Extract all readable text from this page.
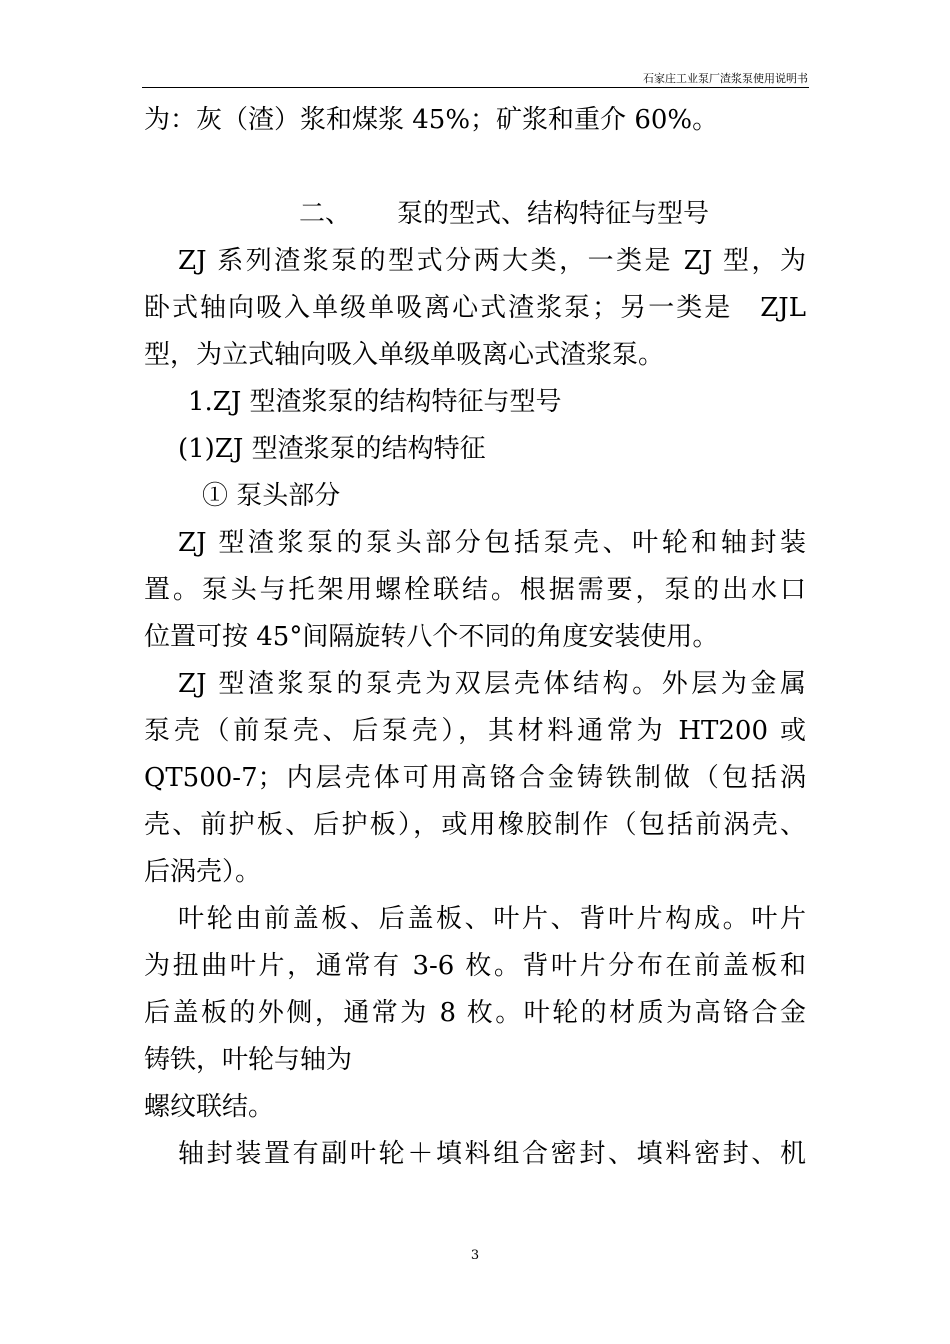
石家庄工业泵厂渣浆泵使用说明书
为：灰（渣）浆和煤浆 45%；矿浆和重介 60%。
二、 泵的型式、结构特征与型号
ZJ 系列渣浆泵的型式分两大类，一类是 ZJ 型，为
卧式轴向吸入单级单吸离心式渣浆泵；另一类是　ZJL
型，为立式轴向吸入单级单吸离心式渣浆泵。
1.ZJ 型渣浆泵的结构特征与型号
(1)ZJ 型渣浆泵的结构特征
① 泵头部分
ZJ 型渣浆泵的泵头部分包括泵壳、叶轮和轴封装
置。泵头与托架用螺栓联结。根据需要，泵的出水口
位置可按 45°间隔旋转八个不同的角度安装使用。
ZJ 型渣浆泵的泵壳为双层壳体结构。外层为金属
泵壳（前泵壳、后泵壳），其材料通常为 HT200 或
QT500-7；内层壳体可用高铬合金铸铁制做（包括涡
壳、前护板、后护板），或用橡胶制作（包括前涡壳、
后涡壳）。
叶轮由前盖板、后盖板、叶片、背叶片构成。叶片
为扭曲叶片，通常有 3-6 枚。背叶片分布在前盖板和
后盖板的外侧，通常为 8 枚。叶轮的材质为高铬合金
铸铁，叶轮与轴为
螺纹联结。
轴封装置有副叶轮＋填料组合密封、填料密封、机
3
